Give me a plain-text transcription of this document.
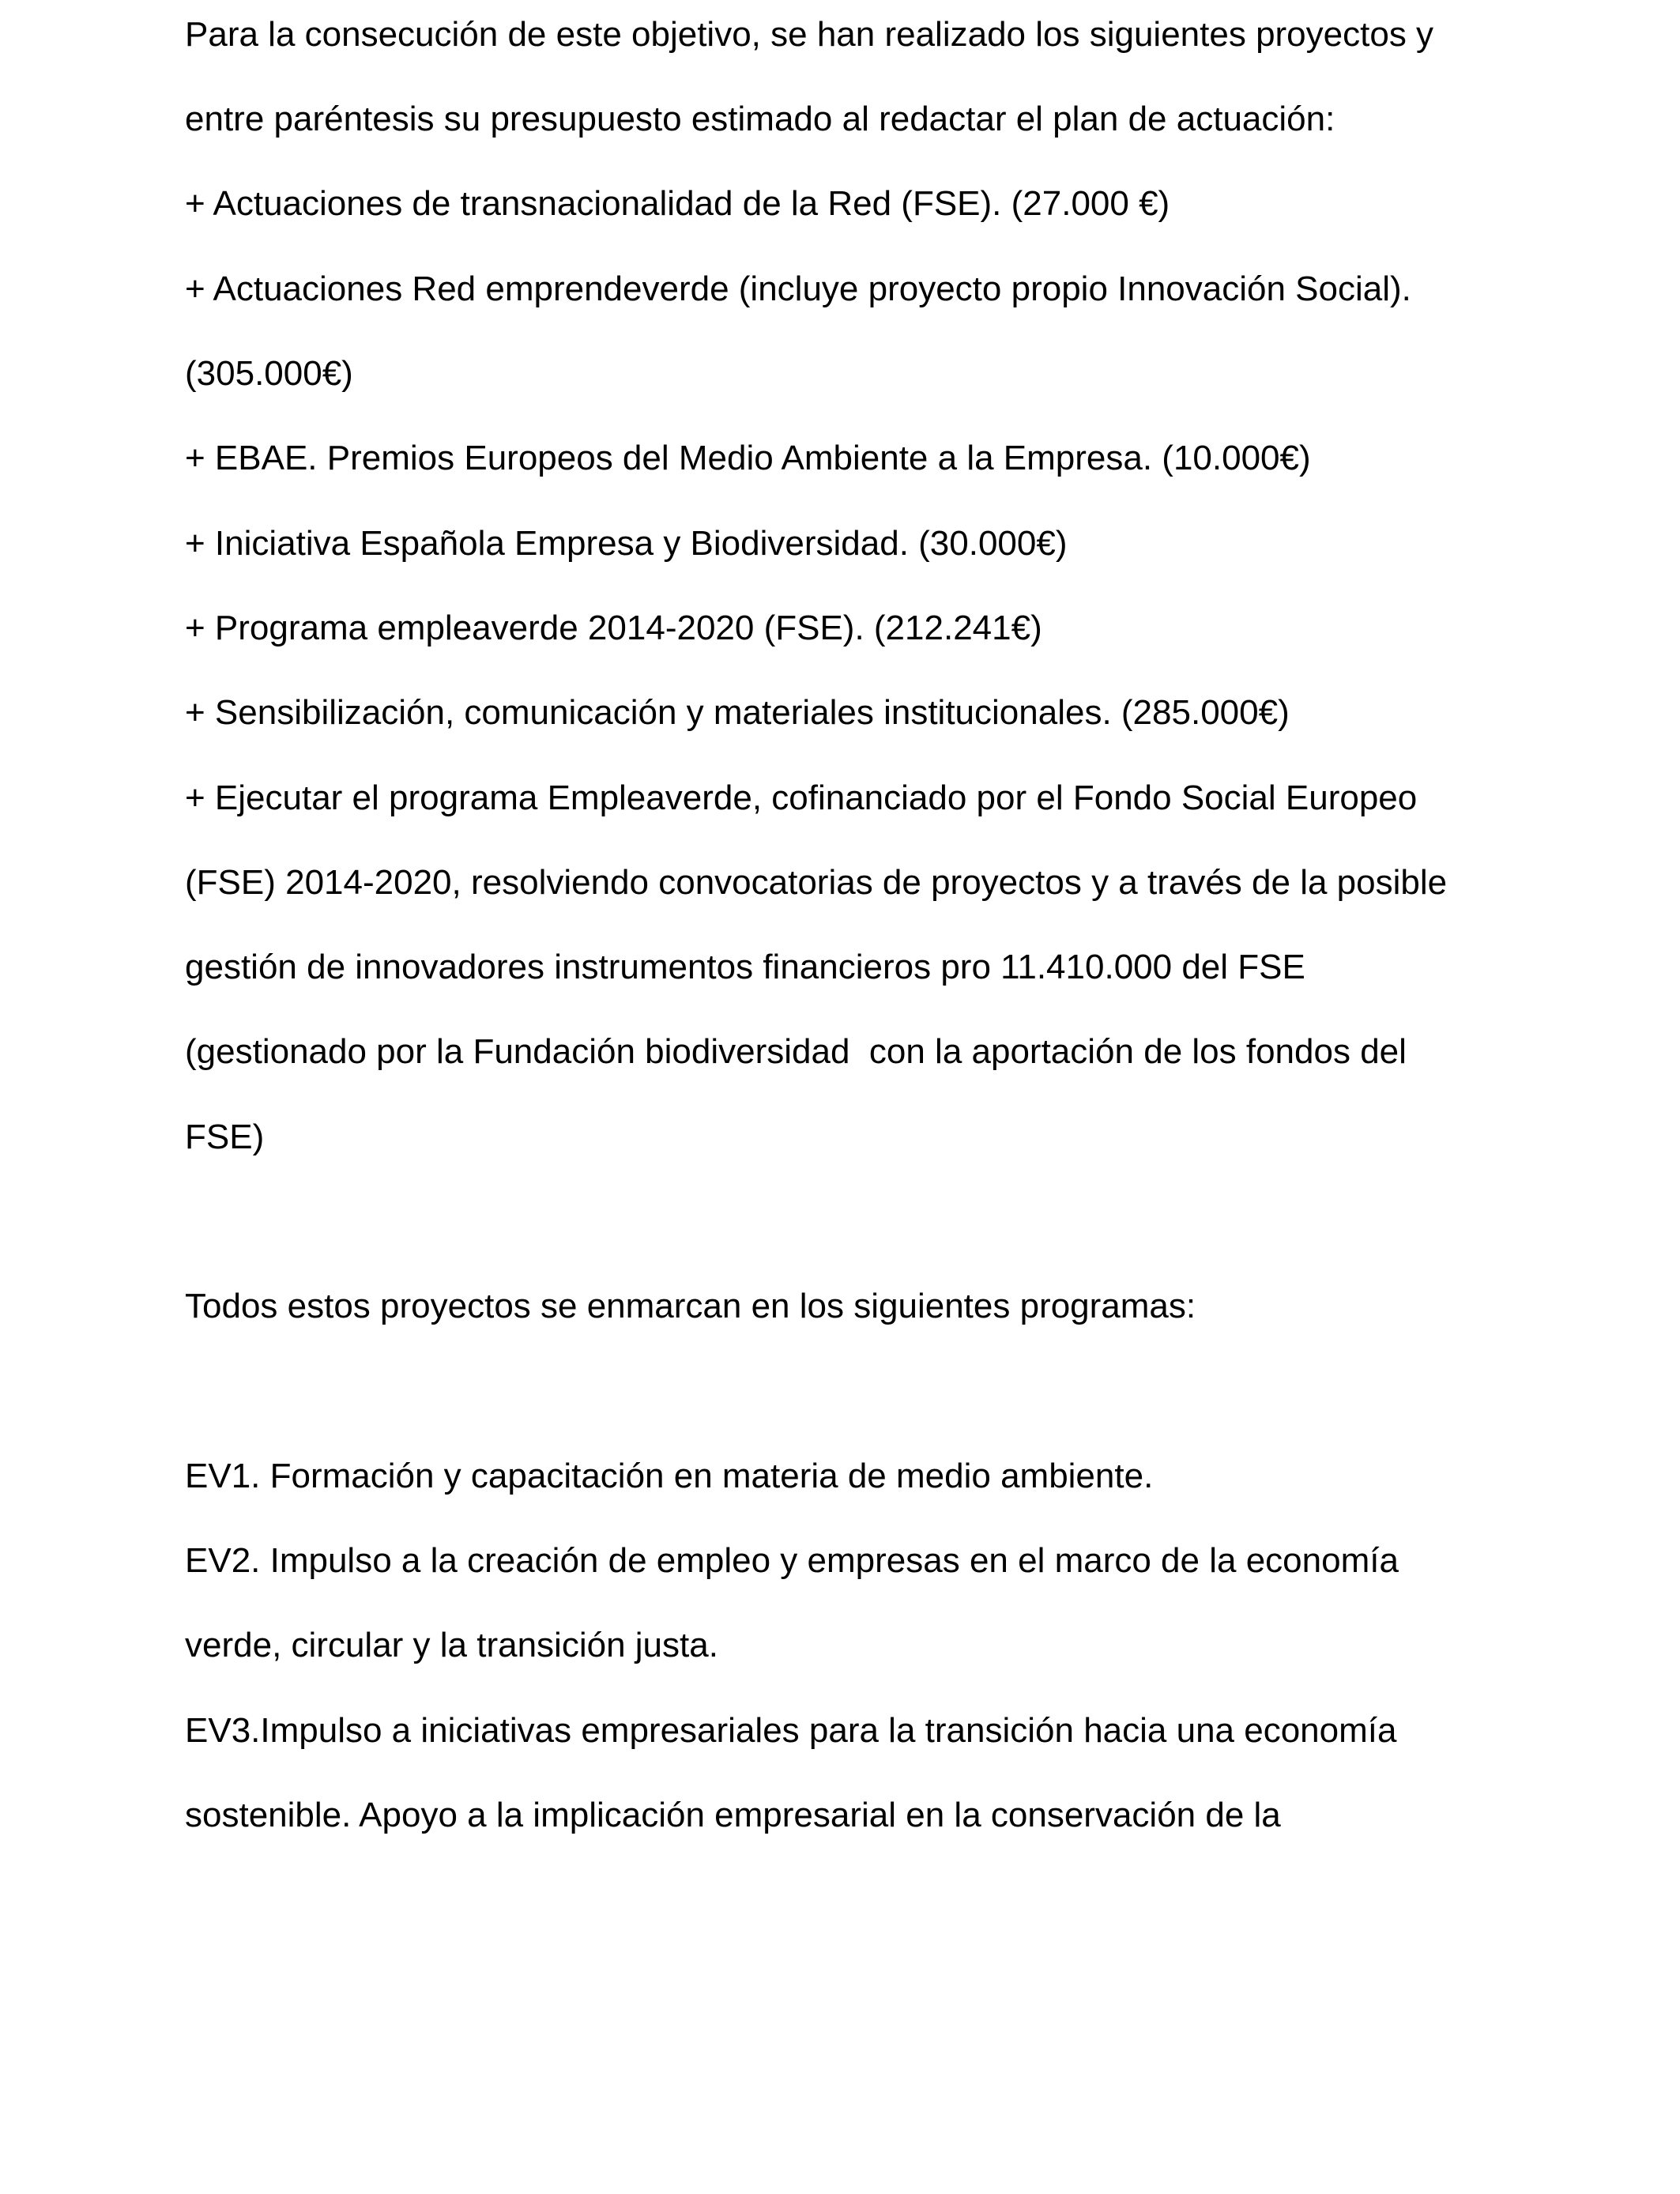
Para la consecución de este objetivo, se han realizado los siguientes proyectos y

entre paréntesis su presupuesto estimado al redactar el plan de actuación:

+ Actuaciones de transnacionalidad de la Red (FSE). (27.000 €)

+ Actuaciones Red emprendeverde (incluye proyecto propio Innovación Social).

(305.000€)

+ EBAE. Premios Europeos del Medio Ambiente a la Empresa. (10.000€)

+ Iniciativa Española Empresa y Biodiversidad. (30.000€)

+ Programa empleaverde 2014-2020 (FSE). (212.241€)

+ Sensibilización, comunicación y materiales institucionales. (285.000€)

+ Ejecutar el programa Empleaverde, cofinanciado por el Fondo Social Europeo

(FSE) 2014-2020, resolviendo convocatorias de proyectos y a través de la posible

gestión de innovadores instrumentos financieros pro 11.410.000 del FSE

(gestionado por la Fundación biodiversidad  con la aportación de los fondos del

FSE)

Todos estos proyectos se enmarcan en los siguientes programas:

EV1. Formación y capacitación en materia de medio ambiente.

EV2. Impulso a la creación de empleo y empresas en el marco de la economía

verde, circular y la transición justa.

EV3.Impulso a iniciativas empresariales para la transición hacia una economía

sostenible. Apoyo a la implicación empresarial en la conservación de la
